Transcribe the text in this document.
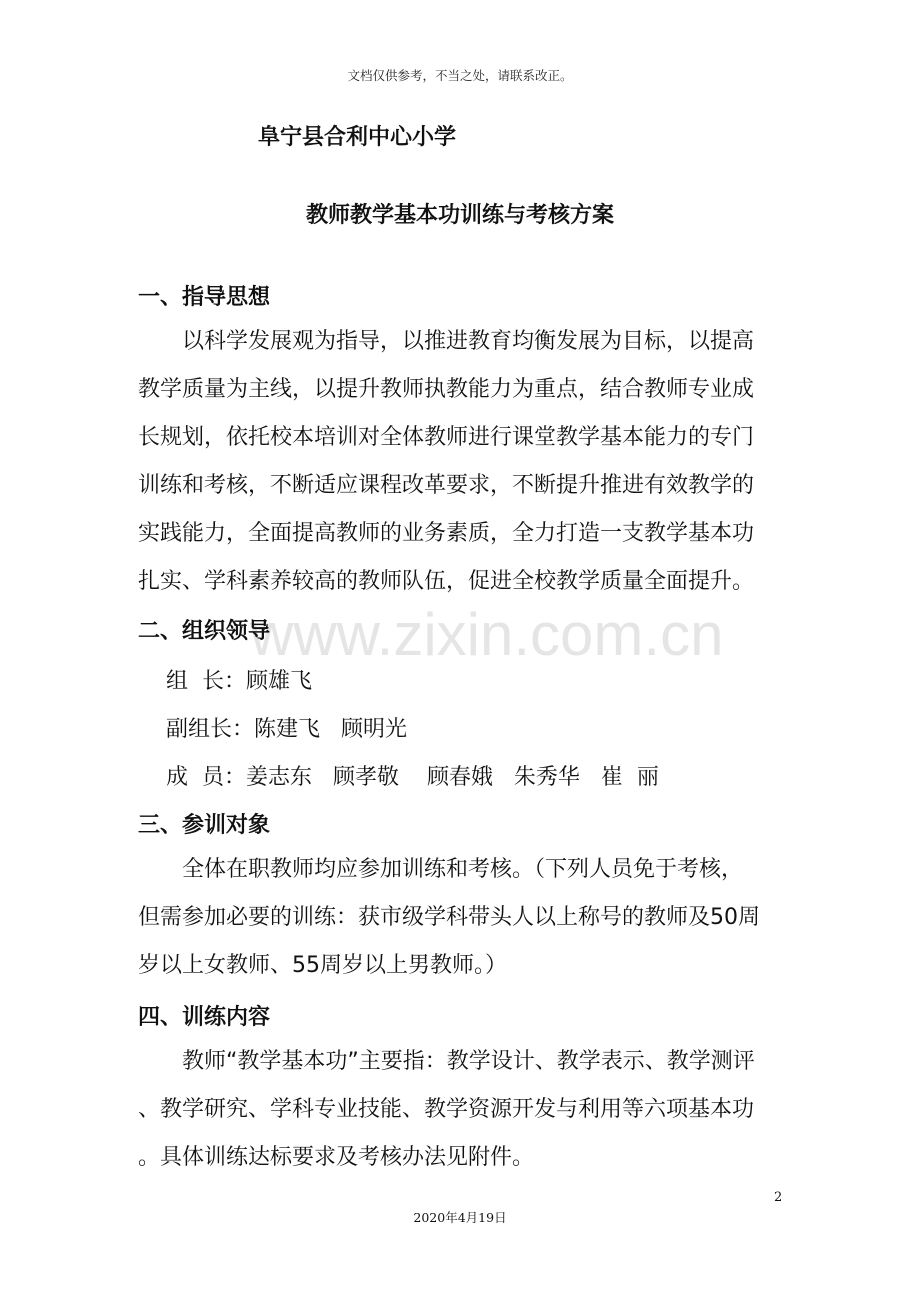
文档仅供参考，不当之处，请联系改正。
阜宁县合利中心小学
教师教学基本功训练与考核方案
一、指导思想
　　以科学发展观为指导，以推进教育均衡发展为目标，以提高
教学质量为主线，以提升教师执教能力为重点，结合教师专业成
长规划，依托校本培训对全体教师进行课堂教学基本能力的专门
训练和考核，不断适应课程改革要求，不断提升推进有效教学的
实践能力，全面提高教师的业务素质，全力打造一支教学基本功
扎实、学科素养较高的教师队伍，促进全校教学质量全面提升。
www.zixin.com.cn
二、组织领导
组  长：顾雄飞
副组长：陈建飞   顾明光
成  员：姜志东   顾孝敬    顾春娥   朱秀华   崔  丽
三、参训对象
　　全体在职教师均应参加训练和考核。（下列人员免于考核，
但需参加必要的训练：获市级学科带头人以上称号的教师及50周
岁以上女教师、55周岁以上男教师。）
四、训练内容
　　教师“教学基本功”主要指：教学设计、教学表示、教学测评
、教学研究、学科专业技能、教学资源开发与利用等六项基本功
。具体训练达标要求及考核办法见附件。
2
2020年4月19日
